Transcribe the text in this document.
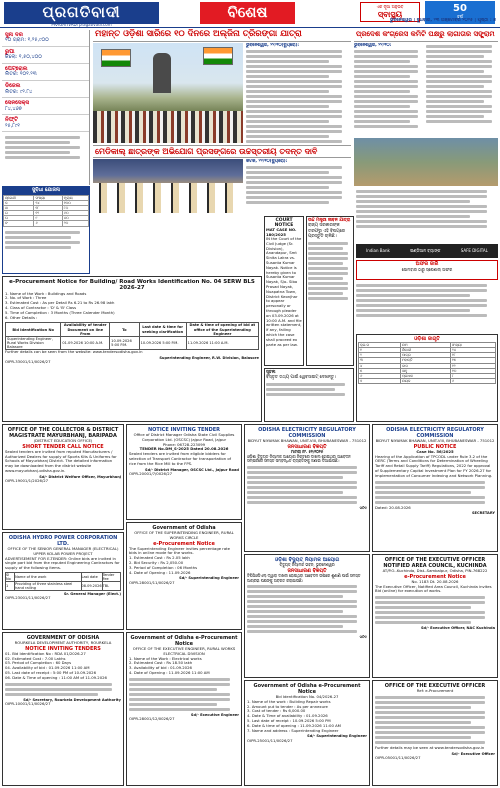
ପ୍ରଗତିବାଦୀ
PRAGATIVADI pragativadi.com
ବିଶେଷ	ଏକ ନୂଆ ଅନୁଭବ
ସ୍ବାସ୍ଥ୍ୟ
50
ବର୍ଷ
ଭୁବନେଶ୍ୱର | ବୁଧବାର, ୨୩ ଅକ୍ଟୋବର ୨୦୨୫ | ପୃଷ୍ଠା : ୭
ସୁନା ଦର
୧୦ ଗ୍ରାମ: ୧,୨୫,୯୦୦
ରୁପା
କିଲୋ: ୧,୫୦,୪୦୦
ପେଟ୍ରୋଲ
ଲିଟର: ୧୦୧.୨୩
ଡିଜେଲ
ଲିଟର: ୯୨.୮୪
ସେନସେକ୍ସ
୮୪,୪୬୭
ନିଫ୍ଟି
୨୫,୮୯୧
ମହାନ୍ତ ଓଡ଼ିଶା ସାରିରେ ୧୦ ଦିନରେ ଅଲ୍ଜିନା ତ୍ରିରଙ୍ଗା ଯାତ୍ରା

ଭୁବନେଶ୍ୱର, ୨୨/୧୦(ବ୍ୟୁରୋ):

ମେଡିକାଲ୍ ଛାତ୍ରଙ୍କ ଅଭିଯୋଗ ପ୍ରସଙ୍ଗରେ ଉଚ୍ଚସ୍ତରୀୟ ତଦନ୍ତ ଦାବି

କଟକ, ୨୨/୧୦(ବ୍ୟୁରୋ):

ପ୍ରଦେଶ କଂଗ୍ରେସ କମିଟି ପକ୍ଷରୁ ଲାଗାତାର ସଙ୍ଗ୍ରାମ

ଭୁବନେଶ୍ୱର, ୨୨/୧୦:

ସୁବିଧା ଯୋଜନା
ଶ୍ରେଣୀ	ସଂଖ୍ୟା	ମୂଲ୍ୟ
କ	୨୪	୧୦୦
ଖ	୧୮	୮୦
ଗ	୧୨	୬୦
ଘ	୯	୪୦
ଙ	୬	୨୦
e-Procurement Notice for Building/ Road Works Identification No. 04 SERW BLS 2026-27
1. Name of the Work : Buildings and Roads
2. No. of Work : Three
3. Estimated Cost : As per Detail Rs 6.21 to Rs 26.98 lakh
4. Class of Contractor : 'D' & 'B' Class
5. Time of Completion : 3 Months (Three Calender Month)
6. Other Details :
Bid Identification No	Availability of tender Document on line From	To	Last date & time for seeking clarification	Date & time of opening of bid at office of the Superintending Engineer
Superintending Engineer, Rural Works Division Balasore	01.09.2026 10:00 A.M.	10.09.2026 5:00 P.M.	10.09.2026 5:00 P.M.	11.09.2026 11:00 A.M.
Further details can be seen from the website: www.tendersodisha.gov.in
Superintending Engineer, R.W. Division, Balasore
OIPR-33001/11/0026/27
COURT NOTICE
MAT CASE NO. 180/2025
IN the Court of the Civil Judge (Sr. Division), Anandapur, Smt Sinita Lakra vs. Susanta Kumar Nayak. Notice is hereby given to Susanta Kumar Nayak, S/o- Sibo Prasad Nayak, Nuapatna Town, District Keonjhar to appear personally or through pleader on 03.09.2026 at 10:00 A.M. and file written statement, if any, failing which the case shall proceed ex parte as per law.
ଉଚ୍ଚ ମନ୍ତ୍ରୀ ଜୀବନ ଯାତ୍ରା
ରାଜ୍ୟ ସରକାରଙ୍କ ତରଫରୁ ଏହି ବିଷୟରେ ପ୍ରସ୍ତୁତି ଚାଲିଛି।
ସୂଚନା
ବିସ୍ତୃତ ତଥ୍ୟ ପାଇଁ ୱେବସାଇଟ୍ ଦେଖନ୍ତୁ।
Indian Bank	ଇଣ୍ଡିଆନ ବ୍ୟାଙ୍କ	SAFE DIGITAL
ଅଫର ଜାରି
ସୋମବାର ଠାରୁ ସ୍ପେଶାଲ୍ ଅଫର
ଓଡ଼ିଶା ଜାଗୃତି
କ୍ର.ସ	ନାମ	ସଂଖ୍ୟା
୧	ଶିବାଜୀ	୨୪
୨	ପାତ୍ର	୧୮
୩	ମହାନ୍ତି	୧୫
୪	ଦାସ	୧୨
୫	ସାହୁ	୧୦
୬	ପ୍ରଧାନ	୮
୭	ନାୟକ	୬
OFFICE OF THE COLLECTOR & DISTRICT MAGISTRATE MAYURBHANJ, BARIPADA
(DISTRICT EDUCATION OFFICE)
SHORT TENDER CALL NOTICE
Sealed tenders are invited from reputed Manufacturers / Authorized Dealers for supply of Sports Kits & Uniforms for Schools of Mayurbhanj District. The detailed information may be downloaded from the district website www.mayurbhanj.odisha.gov.in.
Sd/- District Welfare Officer, Mayurbhanj
OIPR-19001/1/2026/27
NOTICE INVITING TENDER
Office of District Manager Odisha State Civil Supplies Corporation Ltd. (OSCSC) Jajpur Road, Jajpur
Phone: 06728-223099
TENDER No.DM_S-2025 Dated 20.08.2026
Sealed tenders are invited from eligible bidders for selection of Transport Contractor for transportation of rice from the Rice Mill to the FPS.
Sd/- District Manager, OSCSC Ltd., Jajpur Road
OIPR-20001/7/0026/27
ODISHA ELECTRICITY REGULATORY COMMISSION
BIDYUT NIYAMAK BHAWAN, UNIT-VIII, BHUBANESWAR - 751012
ଜନସାଧାରଣ ବିଜ୍ଞପ୍ତି
ମାମଲା ନଂ. ୫୨/୨୦୨୫
ଓଡ଼ିଶା ବିଦ୍ୟୁତ ନିୟାମକ ଆୟୋଗ ନିକଟରେ ଦାଖଲ ହୋଇଥିବା ଆବେଦନ ସମ୍ପର୍କରେ ସମସ୍ତ ସମ୍ବନ୍ଧିତ ବ୍ୟକ୍ତିଙ୍କୁ ଜଣାଇ ଦିଆଯାଉଛି।
ସଚିବ
ODISHA ELECTRICITY REGULATORY COMMISSION
BIDYUT NIYAMAK BHAWAN, UNIT-VIII, BHUBANESWAR - 751012
PUBLIC NOTICE
Case No. 56/2025
Hearing of the Application of TPCODL under Rule 3.2 of the OERC (Terms and Conditions for Determination of Wheeling Tariff and Retail Supply Tariff) Regulations, 2022 for approval of Supplementary Capital Investment Plan for FY 2026-27 for implementation of Consumer Indexing and Network Planning.
Dated: 20.08.2026
SECRETARY
ODISHA HYDRO POWER CORPORATION LTD.
OFFICE OF THE SENIOR GENERAL MANAGER (ELECTRICAL) UPPER KOLAB POWER PROJECT
ADVERTISEMENT FOR E-TENDER: Online bids are invited in single part bid from the reputed Engineering Contractors for supply of the following items.
Sl No	Name of the work	Last date	Tender Fee
1	Providing of three stainless steel hand railing	08.09.2026	TBL
Sr. General Manager (Elect.)
OIPR-23001/11/0026/27
Government of Odisha
OFFICE OF THE SUPERINTENDING ENGINEER, RURAL WORKS CIRCLE
e-Procurement Notice
The Superintending Engineer invites percentage rate bids in online mode for the works.
1. Estimated Cost : Rs 2.05 lakh
2. Bid Security : Rs 2,050.00
3. Period of Completion : 06 Months
4. Date of Opening : 11.09.2026
Sd/- Superintending Engineer
OIPR-28001/11/0026/27
ଓଡ଼ିଶା ବିଦ୍ୟୁତ୍ ନିୟାମକ ଆୟୋଗ
ବିଦ୍ୟୁତ୍ ନିୟାମକ ଭବନ, ଭୁବନେଶ୍ୱର
ଜନସାଧାରଣ ବିଜ୍ଞପ୍ତି
ଟିପିସିଓଡିଏଲ୍ ଦ୍ୱାରା ଦାଖଲ ହୋଇଥିବା ଆବେଦନ ଉପରେ ଶୁଣାଣି ପାଇଁ ସମସ୍ତ ଆଗ୍ରହୀ ପକ୍ଷଙ୍କୁ ଅବଗତ କରାଯାଉଛି।
ସଚିବ
OFFICE OF THE EXECUTIVE OFFICER
NOTIFIED AREA COUNCIL, KUCHINDA
AT/P.O.-Kuchinda, Dist.-Sambalpur, Odisha, PIN-768222
e-Procurement Notice
No. 1183 Dt. 20.08.2026
The Executive Officer, Notified Area Council, Kuchinda invites Bid (online) for execution of works.
Sd/- Executive Officer, NAC Kuchinda
GOVERNMENT OF ODISHA
ROURKELA DEVELOPMENT AUTHORITY, ROURKELA
NOTICE INVITING TENDERS
01. Bid Identification No : RDA 01/2026-27
02. Estimated Cost : 7.00 Lakhs
03. Period of Completion : 60 Days
04. Availability of bid : 01.09.2026 11:00 AM
05. Last date of receipt : 5:00 PM of 10.09.2026
06. Date & Time of opening : 11:00 AM of 11.09.2026
Sd/- Secretary, Rourkela Development Authority
OIPR-10001/11/0026/27
Government of Odisha e-Procurement Notice
OFFICE OF THE EXECUTIVE ENGINEER, RURAL WORKS ELECTRICAL DIVISION
1. Name of the Work : Electrical works
2. Estimated Cost : Rs 18.50 lakh
3. Availability of bid : 01.09.2026
4. Date of Opening : 11.09.2026 11:00 AM
Sd/- Executive Engineer
OIPR-28001/12/0026/27
Government of Odisha e-Procurement Notice
Bid Identification No. 04/2026-27
1. Name of the work : Building Repair works
2. Amount put to tender : As per annexure
3. Cost of tender : Rs 6,000.00
4. Date & Time of availability : 01.09.2026
5. Last date of receipt : 10.09.2026 5:00 PM
6. Date & time of opening : 11.09.2026 11:00 AM
7. Name and address : Superintending Engineer
Sd/- Superintending Engineer
OIPR-25001/11/0026/27
OFFICE OF THE EXECUTIVE OFFICER
Ref: e-Procurement
Further details may be seen at www.tendersodisha.gov.in
Sd/- Executive Officer
OIPR-05001/11/0026/27
